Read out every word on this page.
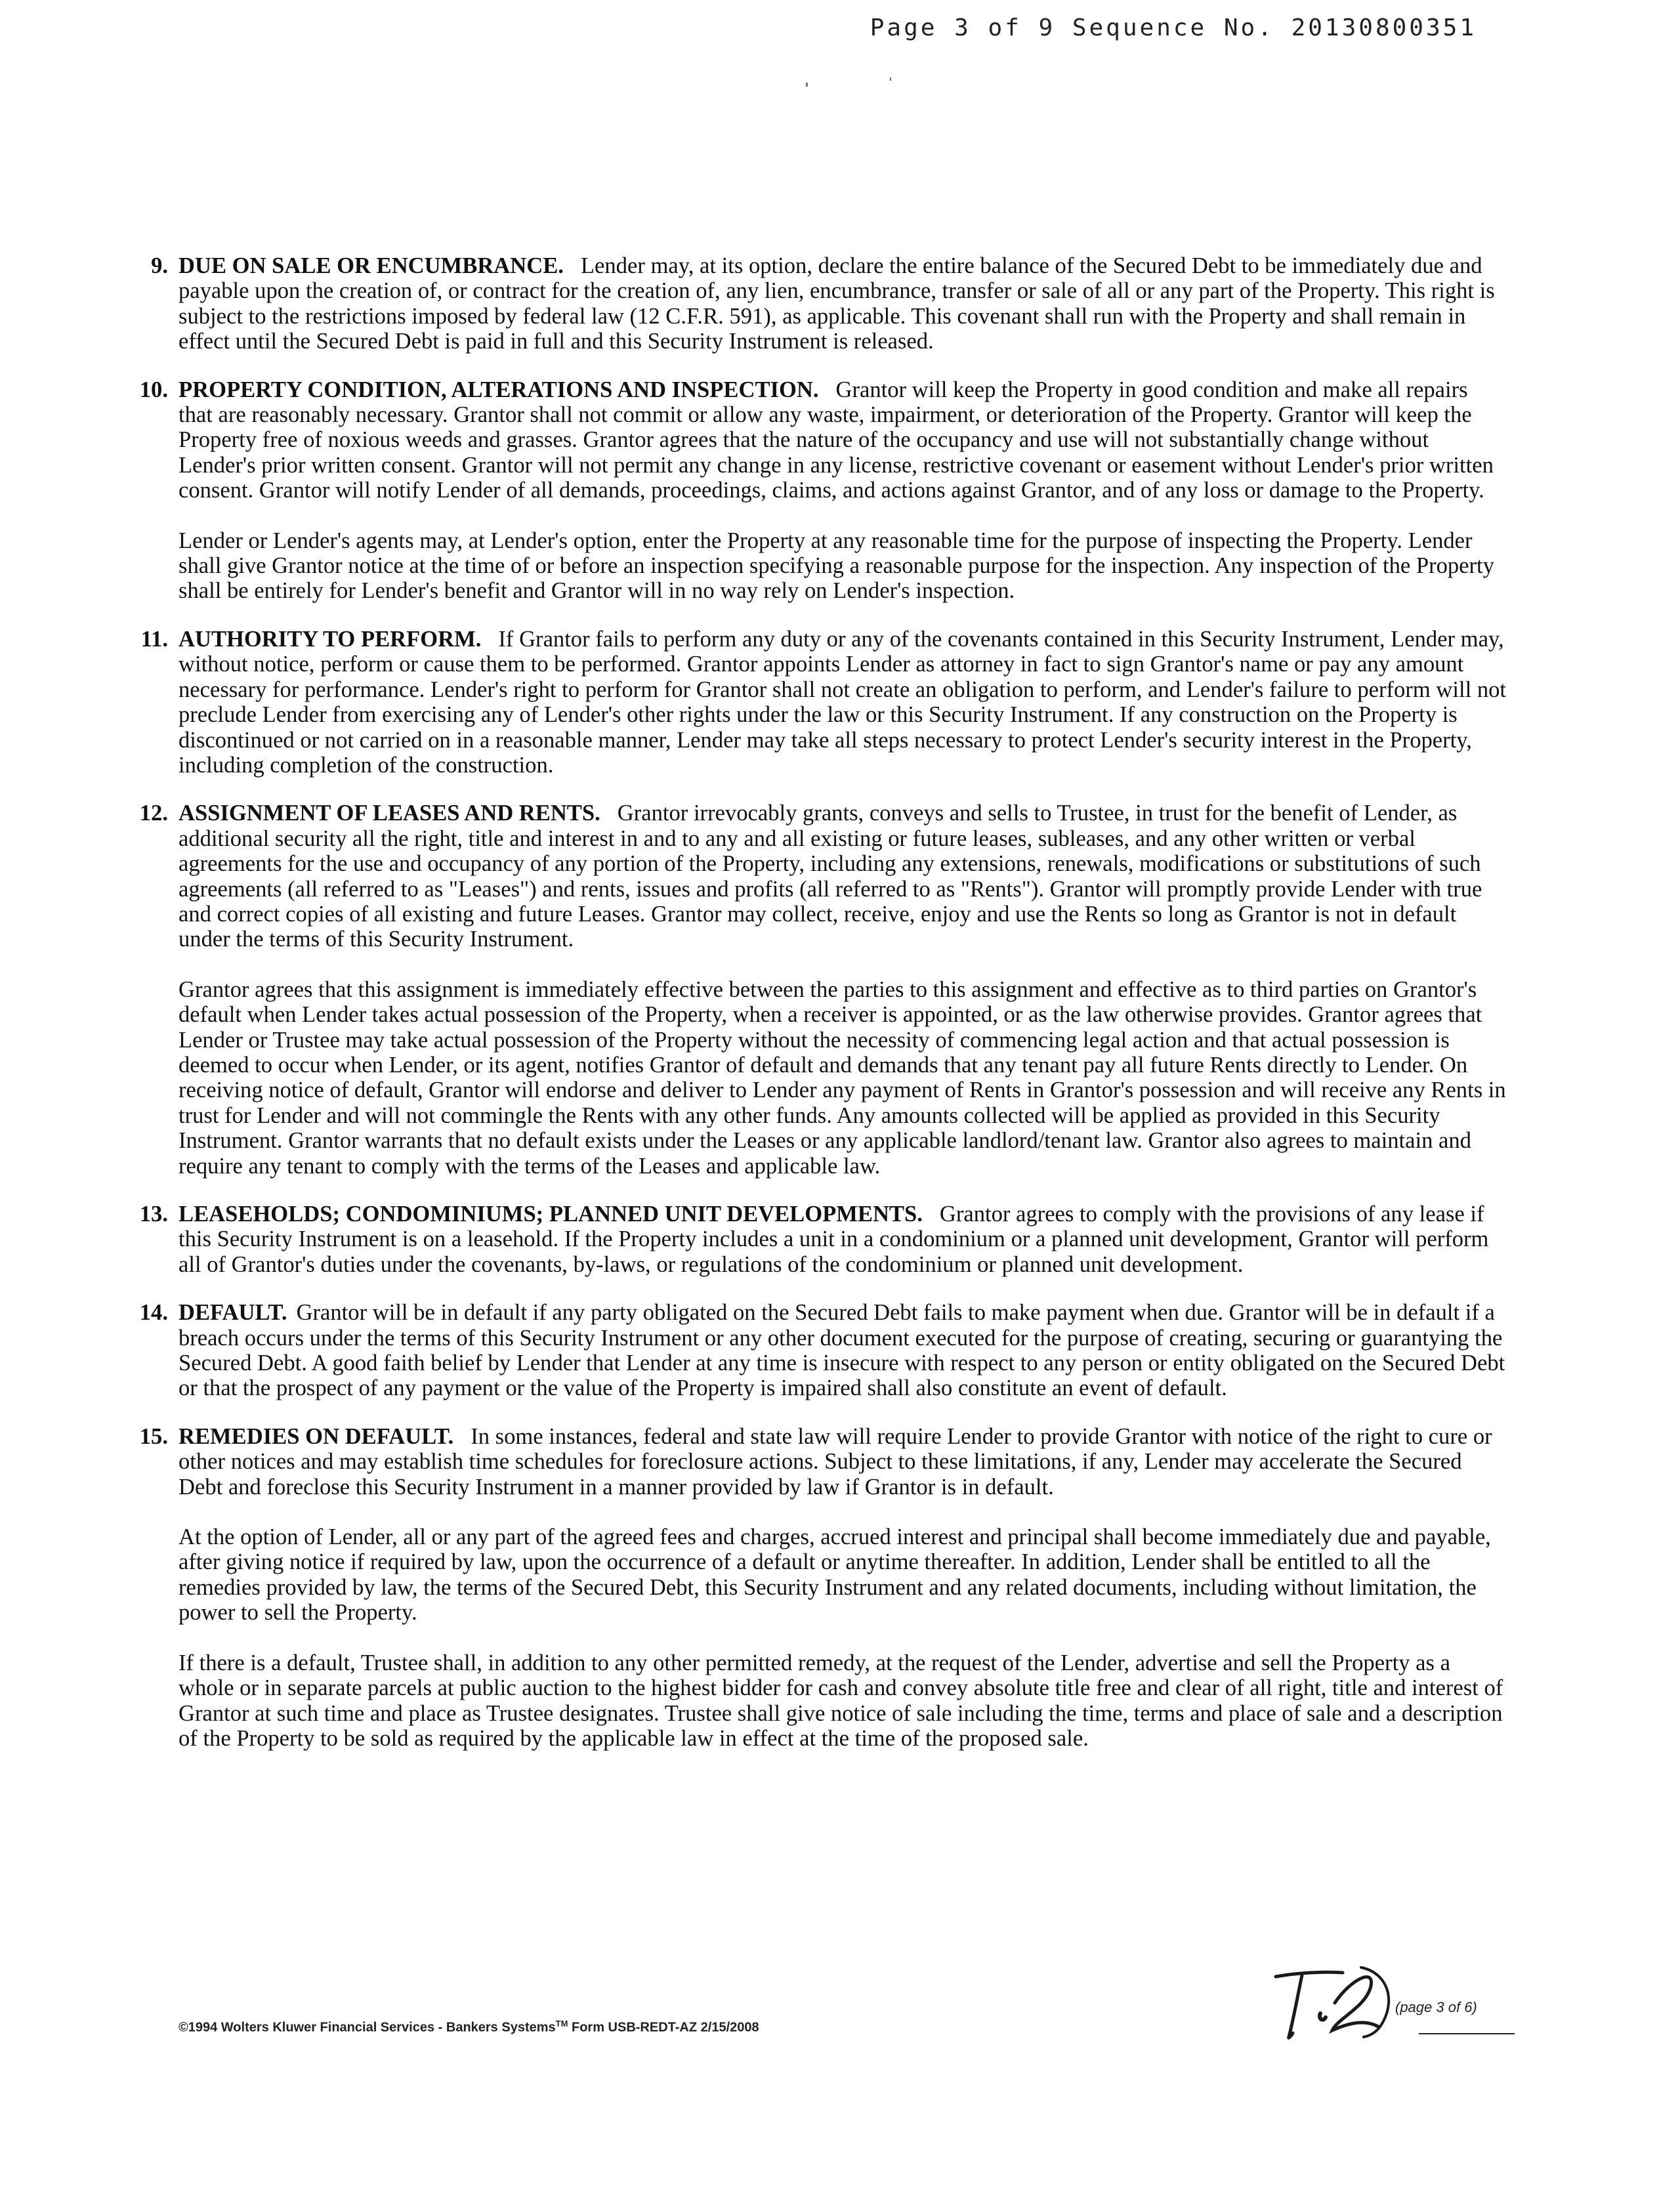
Page 3 of 9 Sequence No. 20130800351
9. DUE ON SALE OR ENCUMBRANCE. Lender may, at its option, declare the entire balance of the Secured Debt to be immediately due and payable upon the creation of, or contract for the creation of, any lien, encumbrance, transfer or sale of all or any part of the Property. This right is subject to the restrictions imposed by federal law (12 C.F.R. 591), as applicable. This covenant shall run with the Property and shall remain in effect until the Secured Debt is paid in full and this Security Instrument is released.

10. PROPERTY CONDITION, ALTERATIONS AND INSPECTION. Grantor will keep the Property in good condition and make all repairs that are reasonably necessary. Grantor shall not commit or allow any waste, impairment, or deterioration of the Property. Grantor will keep the Property free of noxious weeds and grasses. Grantor agrees that the nature of the occupancy and use will not substantially change without Lender's prior written consent. Grantor will not permit any change in any license, restrictive covenant or easement without Lender's prior written consent. Grantor will notify Lender of all demands, proceedings, claims, and actions against Grantor, and of any loss or damage to the Property.

Lender or Lender's agents may, at Lender's option, enter the Property at any reasonable time for the purpose of inspecting the Property. Lender shall give Grantor notice at the time of or before an inspection specifying a reasonable purpose for the inspection. Any inspection of the Property shall be entirely for Lender's benefit and Grantor will in no way rely on Lender's inspection.

11. AUTHORITY TO PERFORM. If Grantor fails to perform any duty or any of the covenants contained in this Security Instrument, Lender may, without notice, perform or cause them to be performed. Grantor appoints Lender as attorney in fact to sign Grantor's name or pay any amount necessary for performance. Lender's right to perform for Grantor shall not create an obligation to perform, and Lender's failure to perform will not preclude Lender from exercising any of Lender's other rights under the law or this Security Instrument. If any construction on the Property is discontinued or not carried on in a reasonable manner, Lender may take all steps necessary to protect Lender's security interest in the Property, including completion of the construction.

12. ASSIGNMENT OF LEASES AND RENTS. Grantor irrevocably grants, conveys and sells to Trustee, in trust for the benefit of Lender, as additional security all the right, title and interest in and to any and all existing or future leases, subleases, and any other written or verbal agreements for the use and occupancy of any portion of the Property, including any extensions, renewals, modifications or substitutions of such agreements (all referred to as "Leases") and rents, issues and profits (all referred to as "Rents"). Grantor will promptly provide Lender with true and correct copies of all existing and future Leases. Grantor may collect, receive, enjoy and use the Rents so long as Grantor is not in default under the terms of this Security Instrument.

Grantor agrees that this assignment is immediately effective between the parties to this assignment and effective as to third parties on Grantor's default when Lender takes actual possession of the Property, when a receiver is appointed, or as the law otherwise provides. Grantor agrees that Lender or Trustee may take actual possession of the Property without the necessity of commencing legal action and that actual possession is deemed to occur when Lender, or its agent, notifies Grantor of default and demands that any tenant pay all future Rents directly to Lender. On receiving notice of default, Grantor will endorse and deliver to Lender any payment of Rents in Grantor's possession and will receive any Rents in trust for Lender and will not commingle the Rents with any other funds. Any amounts collected will be applied as provided in this Security Instrument. Grantor warrants that no default exists under the Leases or any applicable landlord/tenant law. Grantor also agrees to maintain and require any tenant to comply with the terms of the Leases and applicable law.

13. LEASEHOLDS; CONDOMINIUMS; PLANNED UNIT DEVELOPMENTS. Grantor agrees to comply with the provisions of any lease if this Security Instrument is on a leasehold. If the Property includes a unit in a condominium or a planned unit development, Grantor will perform all of Grantor's duties under the covenants, by-laws, or regulations of the condominium or planned unit development.

14. DEFAULT. Grantor will be in default if any party obligated on the Secured Debt fails to make payment when due. Grantor will be in default if a breach occurs under the terms of this Security Instrument or any other document executed for the purpose of creating, securing or guarantying the Secured Debt. A good faith belief by Lender that Lender at any time is insecure with respect to any person or entity obligated on the Secured Debt or that the prospect of any payment or the value of the Property is impaired shall also constitute an event of default.

15. REMEDIES ON DEFAULT. In some instances, federal and state law will require Lender to provide Grantor with notice of the right to cure or other notices and may establish time schedules for foreclosure actions. Subject to these limitations, if any, Lender may accelerate the Secured Debt and foreclose this Security Instrument in a manner provided by law if Grantor is in default.

At the option of Lender, all or any part of the agreed fees and charges, accrued interest and principal shall become immediately due and payable, after giving notice if required by law, upon the occurrence of a default or anytime thereafter. In addition, Lender shall be entitled to all the remedies provided by law, the terms of the Secured Debt, this Security Instrument and any related documents, including without limitation, the power to sell the Property.

If there is a default, Trustee shall, in addition to any other permitted remedy, at the request of the Lender, advertise and sell the Property as a whole or in separate parcels at public auction to the highest bidder for cash and convey absolute title free and clear of all right, title and interest of Grantor at such time and place as Trustee designates. Trustee shall give notice of sale including the time, terms and place of sale and a description of the Property to be sold as required by the applicable law in effect at the time of the proposed sale.

(page 3 of 6)
©1994 Wolters Kluwer Financial Services - Bankers Systems™ Form USB-REDT-AZ 2/15/2008
